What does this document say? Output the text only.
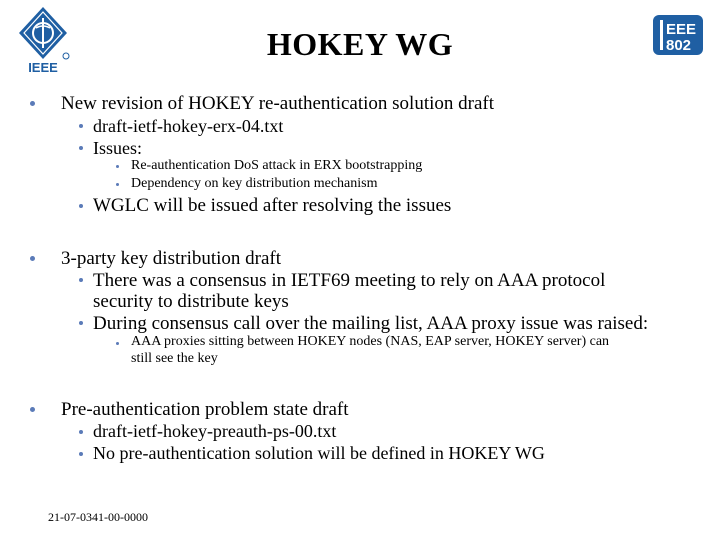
IEEE
EEE
802
HOKEY WG
New revision of HOKEY re-authentication solution draft
draft-ietf-hokey-erx-04.txt
Issues:
Re-authentication DoS attack in ERX bootstrapping
Dependency on key distribution mechanism
WGLC will be issued after resolving the issues
3-party key distribution draft
There was a consensus in IETF69 meeting to rely on AAA protocol
security to distribute keys
During consensus call over the mailing list, AAA proxy issue was raised:
AAA proxies sitting between HOKEY nodes (NAS, EAP server, HOKEY server) can
still see the key
Pre-authentication problem state draft
draft-ietf-hokey-preauth-ps-00.txt
No pre-authentication solution will be defined in HOKEY WG
21-07-0341-00-0000
